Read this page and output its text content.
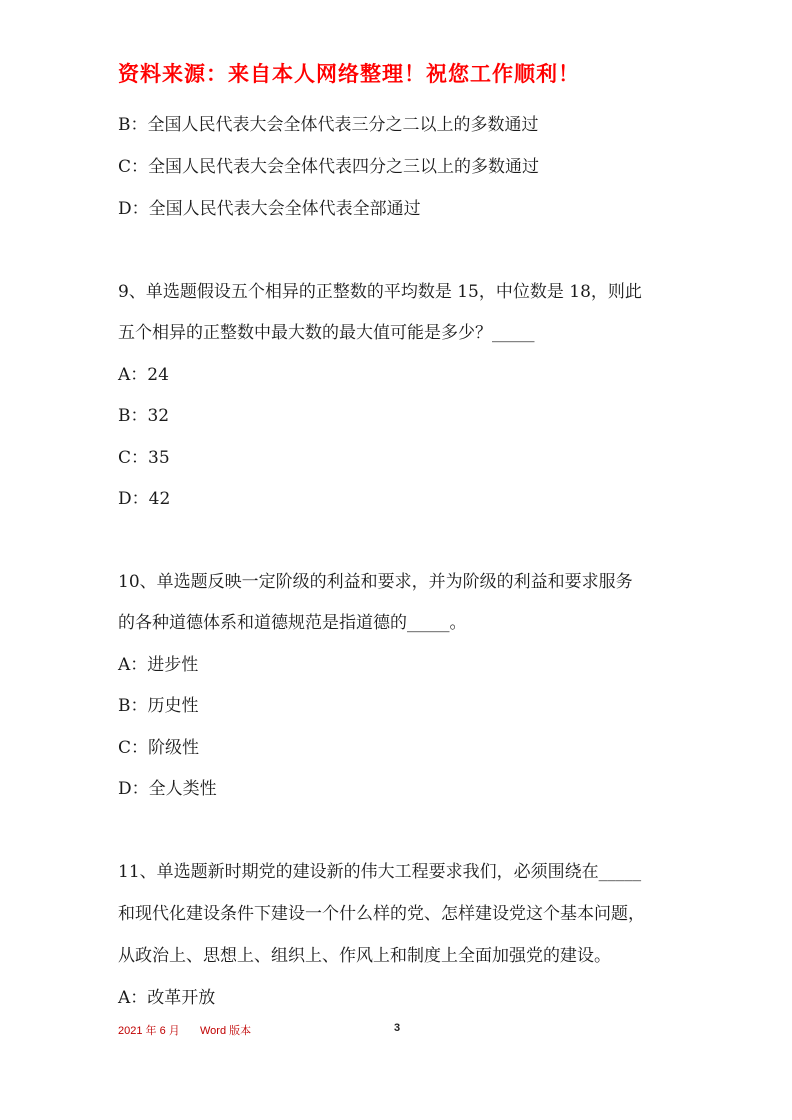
资料来源：来自本人网络整理！祝您工作顺利！
B：全国人民代表大会全体代表三分之二以上的多数通过
C：全国人民代表大会全体代表四分之三以上的多数通过
D：全国人民代表大会全体代表全部通过
9、单选题假设五个相异的正整数的平均数是 15，中位数是 18，则此
五个相异的正整数中最大数的最大值可能是多少？_____
A：24
B：32
C：35
D：42
10、单选题反映一定阶级的利益和要求，并为阶级的利益和要求服务
的各种道德体系和道德规范是指道德的_____。
A：进步性
B：历史性
C：阶级性
D：全人类性
11、单选题新时期党的建设新的伟大工程要求我们，必须围绕在_____
和现代化建设条件下建设一个什么样的党、怎样建设党这个基本问题，
从政治上、思想上、组织上、作风上和制度上全面加强党的建设。
A：改革开放
2021 年 6 月 Word 版本	3
